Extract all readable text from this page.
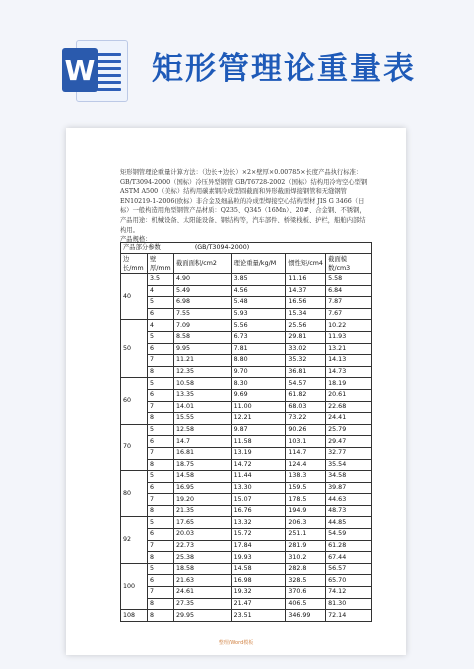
W 矩形管理论重量表
矩形钢管理论重量计算方法：（边长+边长）×2×壁厚×0.00785×长度产品执行标准：GB/T3094-2000（国标）冷压异型钢管 GB/T6728-2002（国标）结构用冷弯空心型钢 ASTM A500（美标）结构用碳素钢冷成型圆截面和异形截面焊接钢管和无缝钢管 EN10219-1-2006(欧标）非合金及细晶粒的冷成型焊接空心结构型材 JIS G 3466（日标）一般构造用角型钢管产品材质：Q235、Q345（16Mn）、20#、合金钢、不锈钢，产品用途：机械设备、太阳能设备、钢结构等，汽车部件、桥梁栈板、护栏，船舶内部结构用。
产品规格：
产品部分参数 (GB/T3094-2000)					
边长/mm	壁厚/mm	截面面积/cm2	理论重量/kg/M	惯性矩/cm4	截面模数/cm3
40	3.5	4.90	3.85	11.16	5.58
	4	5.49	4.56	14.37	6.84
	5	6.98	5.48	16.56	7.87
	6	7.55	5.93	15.34	7.67
50	4	7.09	5.56	25.56	10.22
	5	8.58	6.73	29.81	11.93
	6	9.95	7.81	33.02	13.21
	7	11.21	8.80	35.32	14.13
	8	12.35	9.70	36.81	14.73
60	5	10.58	8.30	54.57	18.19
	6	13.35	9.69	61.82	20.61
	7	14.01	11.00	68.03	22.68
	8	15.55	12.21	73.22	24.41
70	5	12.58	9.87	90.26	25.79
	6	14.7	11.58	103.1	29.47
	7	16.81	13.19	114.7	32.77
	8	18.75	14.72	124.4	35.54
80	5	14.58	11.44	138.3	34.58
	6	16.95	13.30	159.5	39.87
	7	19.20	15.07	178.5	44.63
	8	21.35	16.76	194.9	48.73
92	5	17.65	13.32	206.3	44.85
	6	20.03	15.72	251.1	54.59
	7	22.73	17.84	281.9	61.28
	8	25.38	19.93	310.2	67.44
100	5	18.58	14.58	282.8	56.57
	6	21.63	16.98	328.5	65.70
	7	24.61	19.32	370.6	74.12
	8	27.35	21.47	406.5	81.30
108	8	29.95	23.51	346.99	72.14
整理/Word模板
